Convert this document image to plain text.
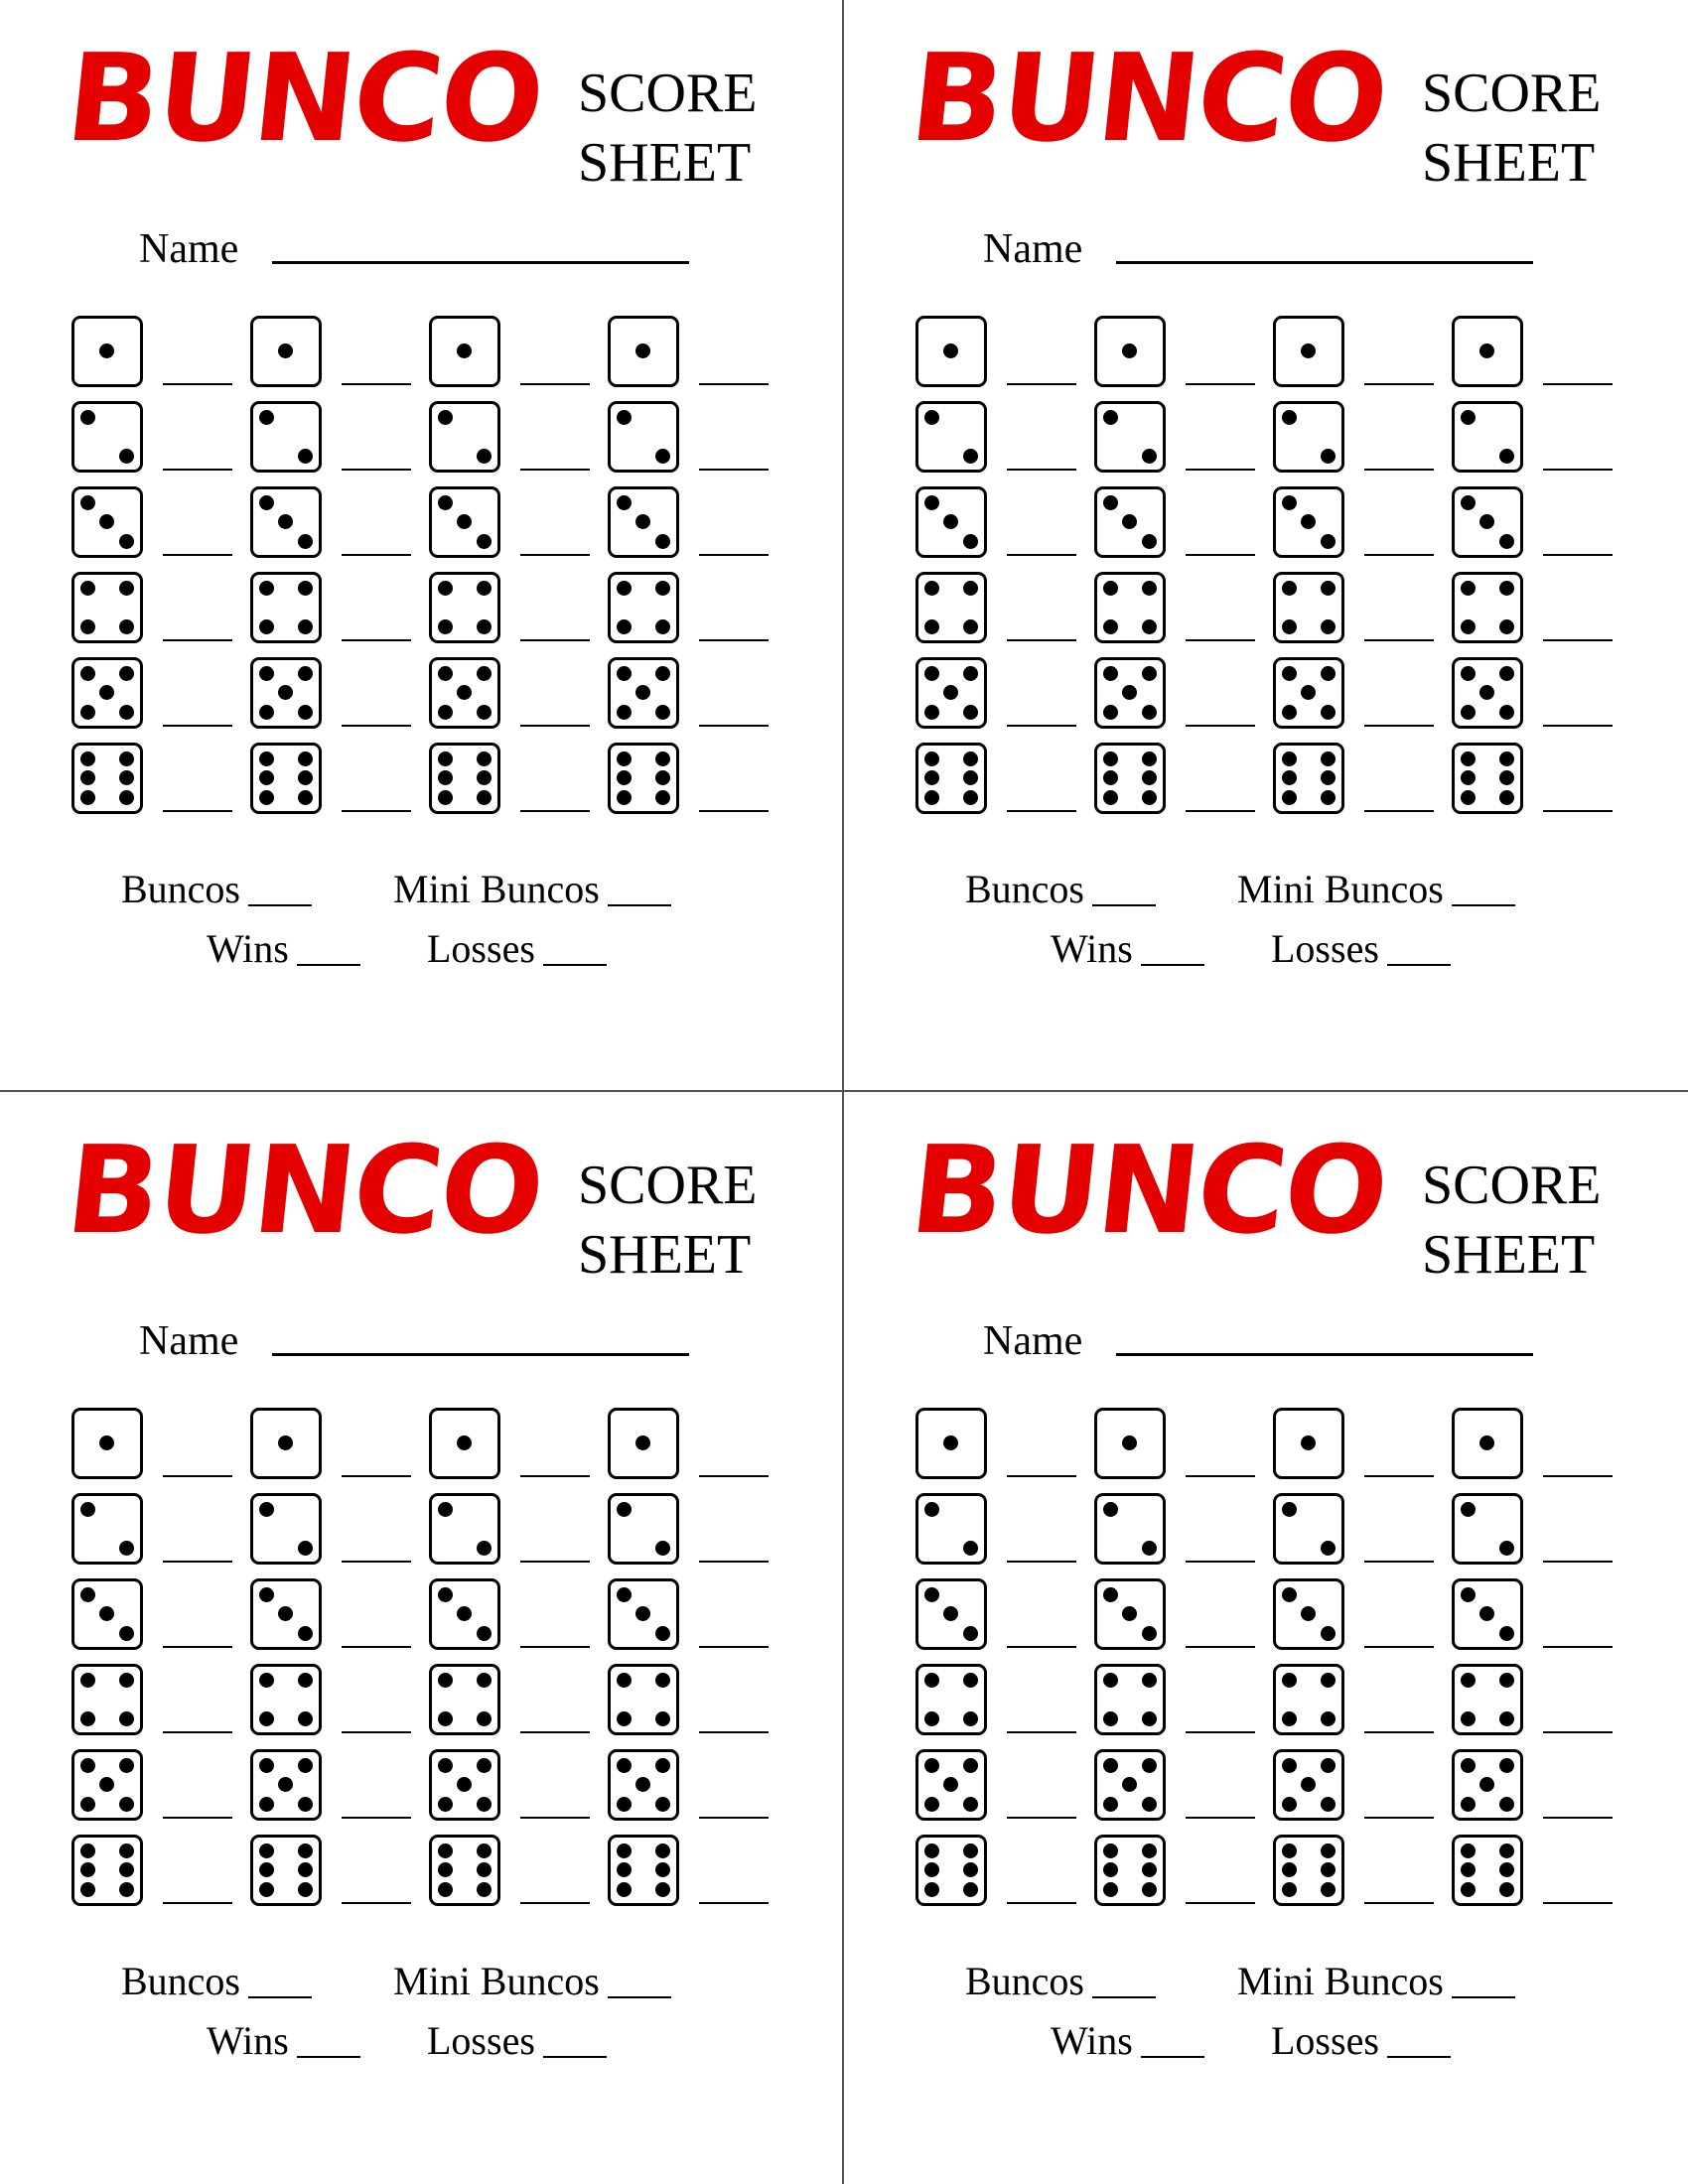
BUNCO SCORE
SHEET
Name
Buncos	Mini Buncos
Wins	Losses
BUNCO SCORE
SHEET
Name
Buncos	Mini Buncos
Wins	Losses
BUNCO SCORE
SHEET
Name
Buncos	Mini Buncos
Wins	Losses
BUNCO SCORE
SHEET
Name
Buncos	Mini Buncos
Wins	Losses
